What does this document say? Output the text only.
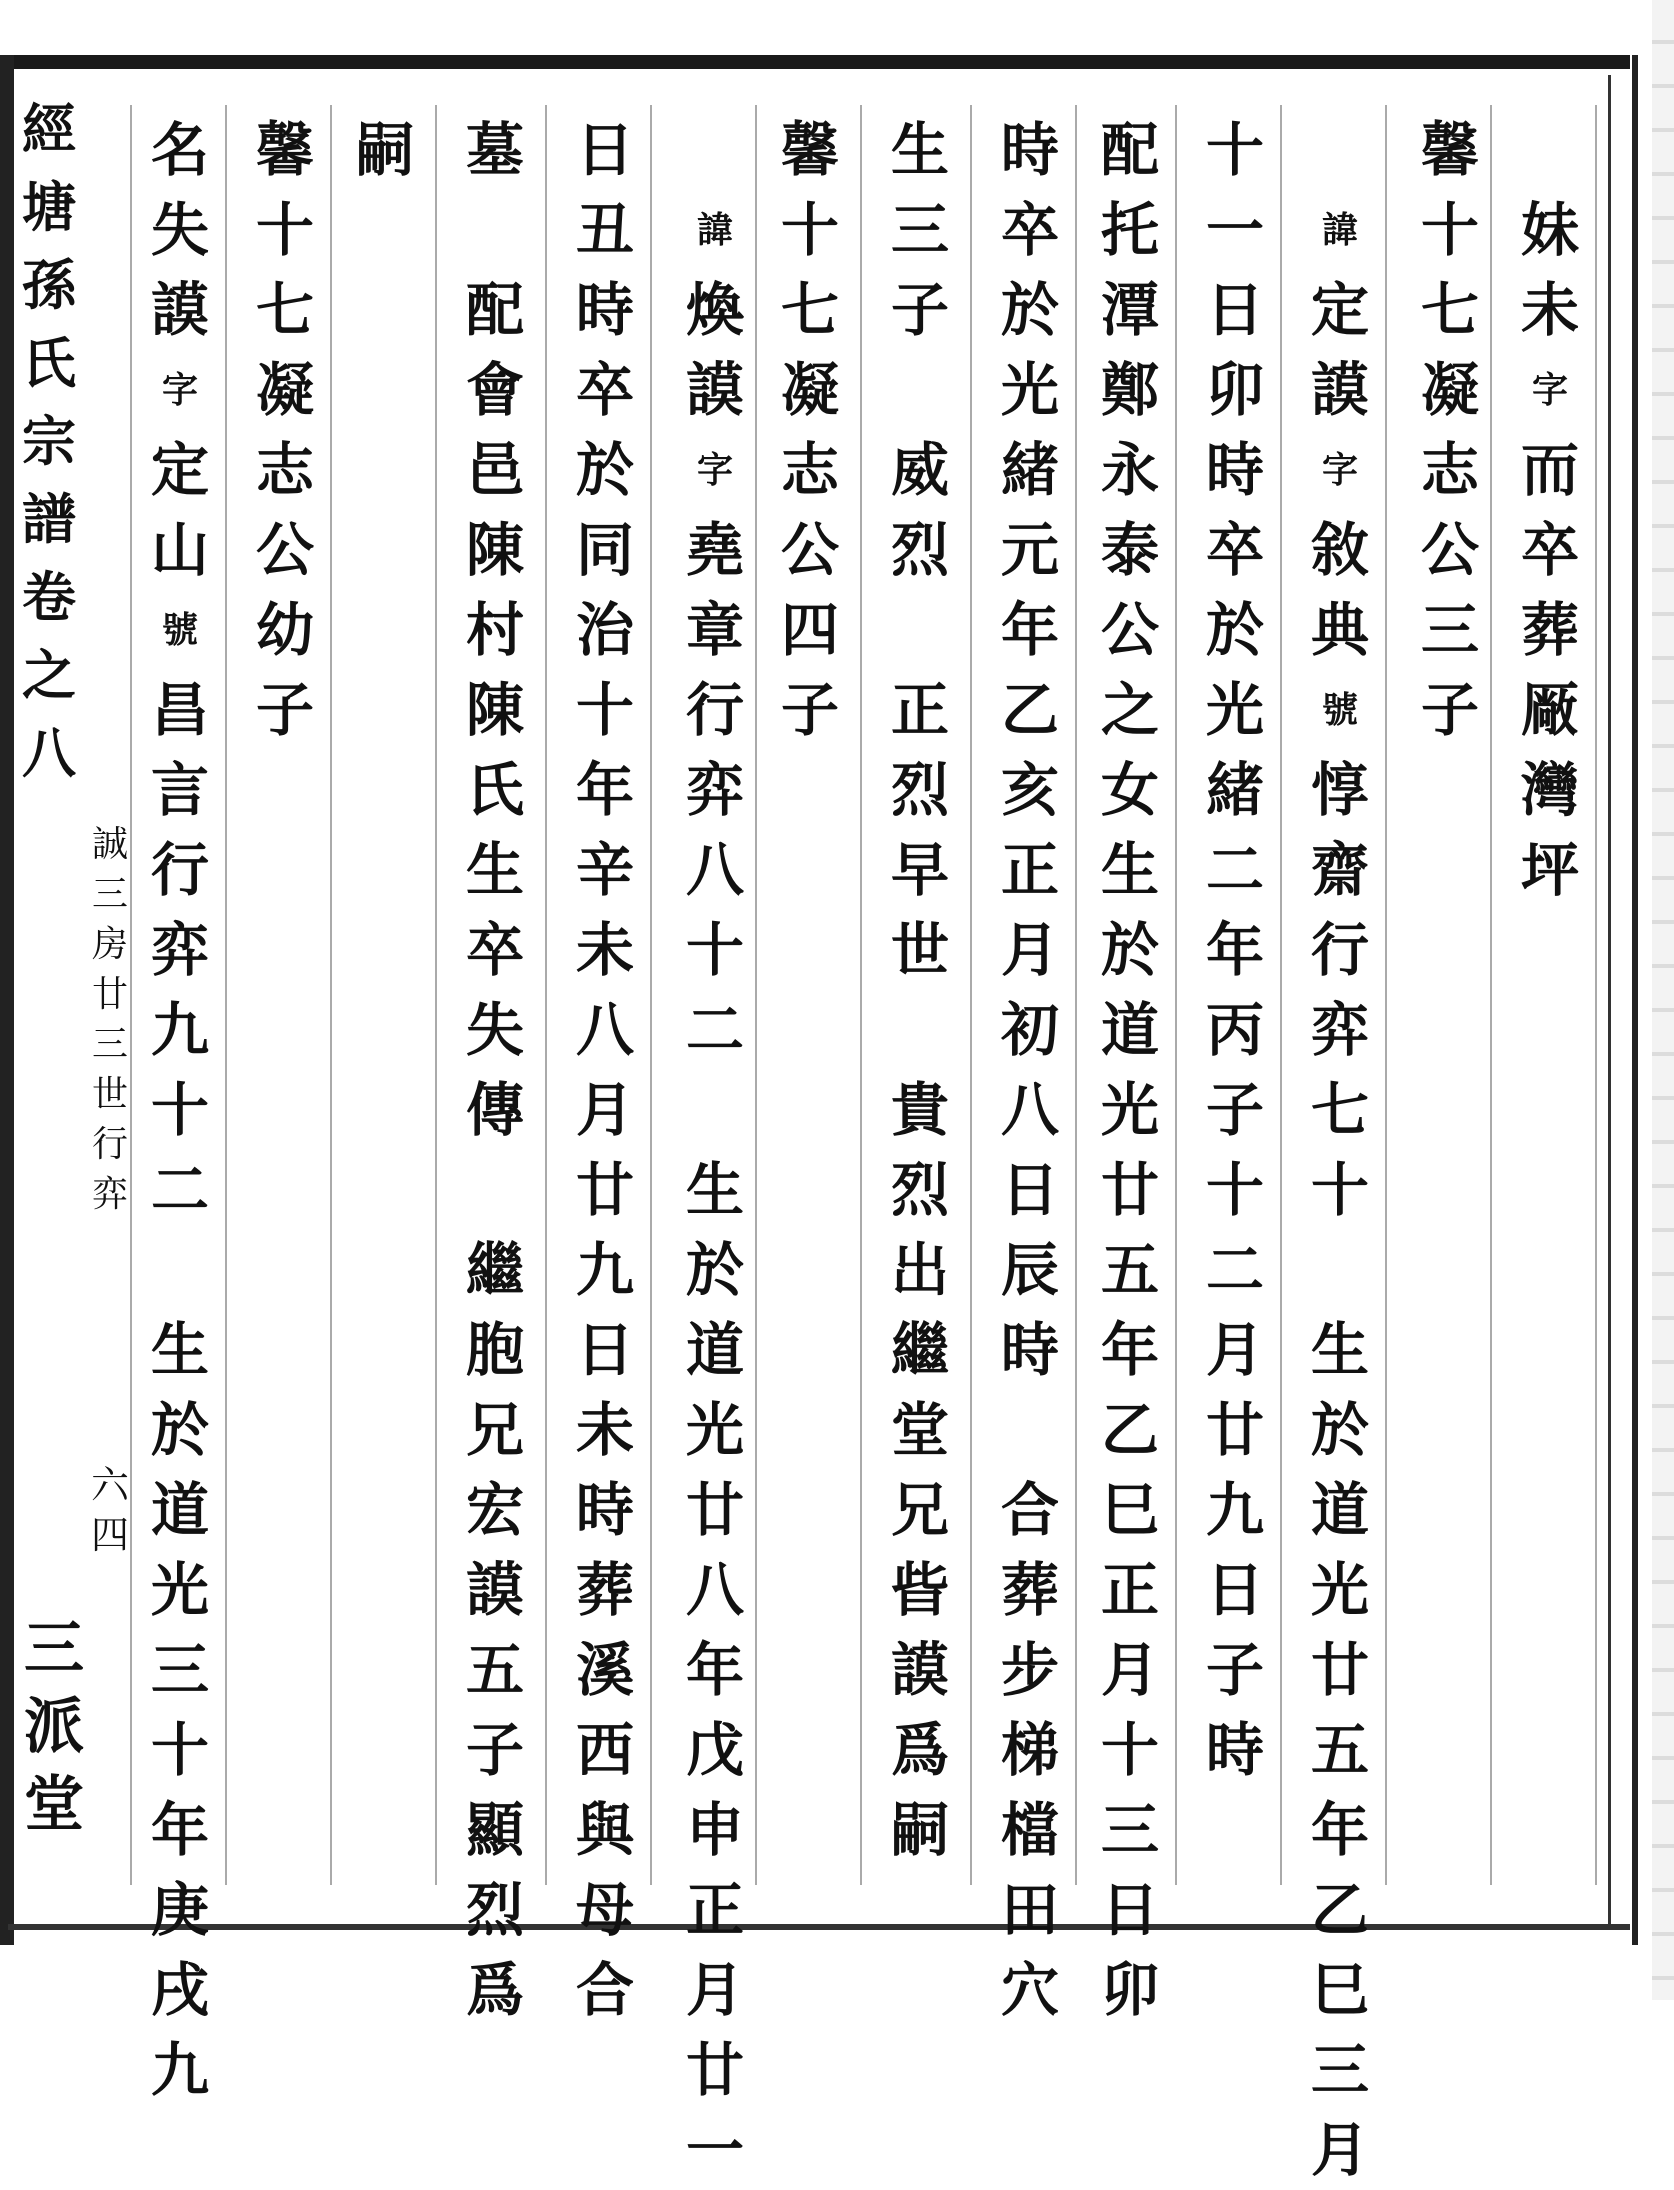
經
塘
孫
氏
宗
譜
卷
之
八
誠
三
房
廿
三
世
行
弈
六
四
三
派
堂
妹
未
字
而
卒
葬
厰
灣
坪
馨
十
七
凝
志
公
三
子
諱
定
謨
字
敘
典
號
惇
齋
行
弈
七
十
生
於
道
光
廿
五
年
乙
巳
三
月
十
一
日
卯
時
卒
於
光
緒
二
年
丙
子
十
二
月
廿
九
日
子
時
配
托
潭
鄭
永
泰
公
之
女
生
於
道
光
廿
五
年
乙
巳
正
月
十
三
日
卯
時
卒
於
光
緒
元
年
乙
亥
正
月
初
八
日
辰
時
合
葬
步
梯
檔
田
穴
生
三
子
威
烈
正
烈
早
世
貴
烈
出
繼
堂
兄
㫮
謨
爲
嗣
馨
十
七
凝
志
公
四
子
諱
煥
謨
字
堯
章
行
弈
八
十
二
生
於
道
光
廿
八
年
戊
申
正
月
廿
一
日
丑
時
卒
於
同
治
十
年
辛
未
八
月
廿
九
日
未
時
葬
溪
西
與
母
合
墓
配
會
邑
陳
村
陳
氏
生
卒
失
傳
繼
胞
兄
宏
謨
五
子
顯
烈
爲
嗣
馨
十
七
凝
志
公
幼
子
名
失
謨
字
定
山
號
昌
言
行
弈
九
十
二
生
於
道
光
三
十
年
庚
戌
九
